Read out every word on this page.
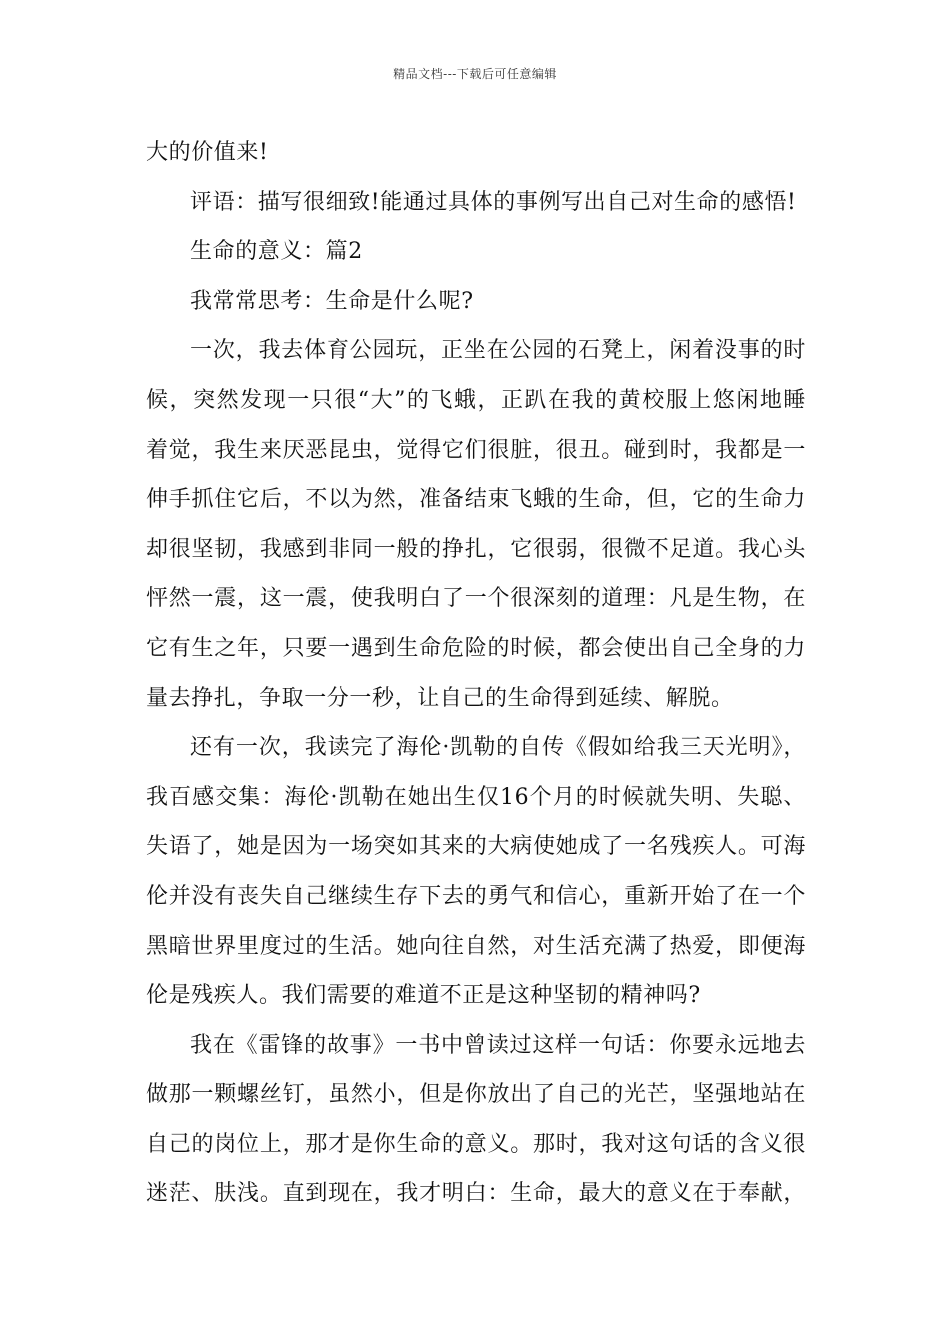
精品文档---下载后可任意编辑
大的价值来!
评语：描写很细致!能通过具体的事例写出自己对生命的感悟!
生命的意义：篇2
我常常思考：生命是什么呢?
一次，我去体育公园玩，正坐在公园的石凳上，闲着没事的时
候，突然发现一只很“大”的飞蛾，正趴在我的黄校服上悠闲地睡
着觉，我生来厌恶昆虫，觉得它们很脏，很丑。碰到时，我都是一
伸手抓住它后，不以为然，准备结束飞蛾的生命，但，它的生命力
却很坚韧，我感到非同一般的挣扎，它很弱，很微不足道。我心头
怦然一震，这一震，使我明白了一个很深刻的道理：凡是生物，在
它有生之年，只要一遇到生命危险的时候，都会使出自己全身的力
量去挣扎，争取一分一秒，让自己的生命得到延续、解脱。
还有一次，我读完了海伦·凯勒的自传《假如给我三天光明》，
我百感交集：海伦·凯勒在她出生仅16个月的时候就失明、失聪、
失语了，她是因为一场突如其来的大病使她成了一名残疾人。可海
伦并没有丧失自己继续生存下去的勇气和信心，重新开始了在一个
黑暗世界里度过的生活。她向往自然，对生活充满了热爱，即便海
伦是残疾人。我们需要的难道不正是这种坚韧的精神吗?
我在《雷锋的故事》一书中曾读过这样一句话：你要永远地去
做那一颗螺丝钉，虽然小，但是你放出了自己的光芒，坚强地站在
自己的岗位上，那才是你生命的意义。那时，我对这句话的含义很
迷茫、肤浅。直到现在，我才明白：生命，最大的意义在于奉献，
